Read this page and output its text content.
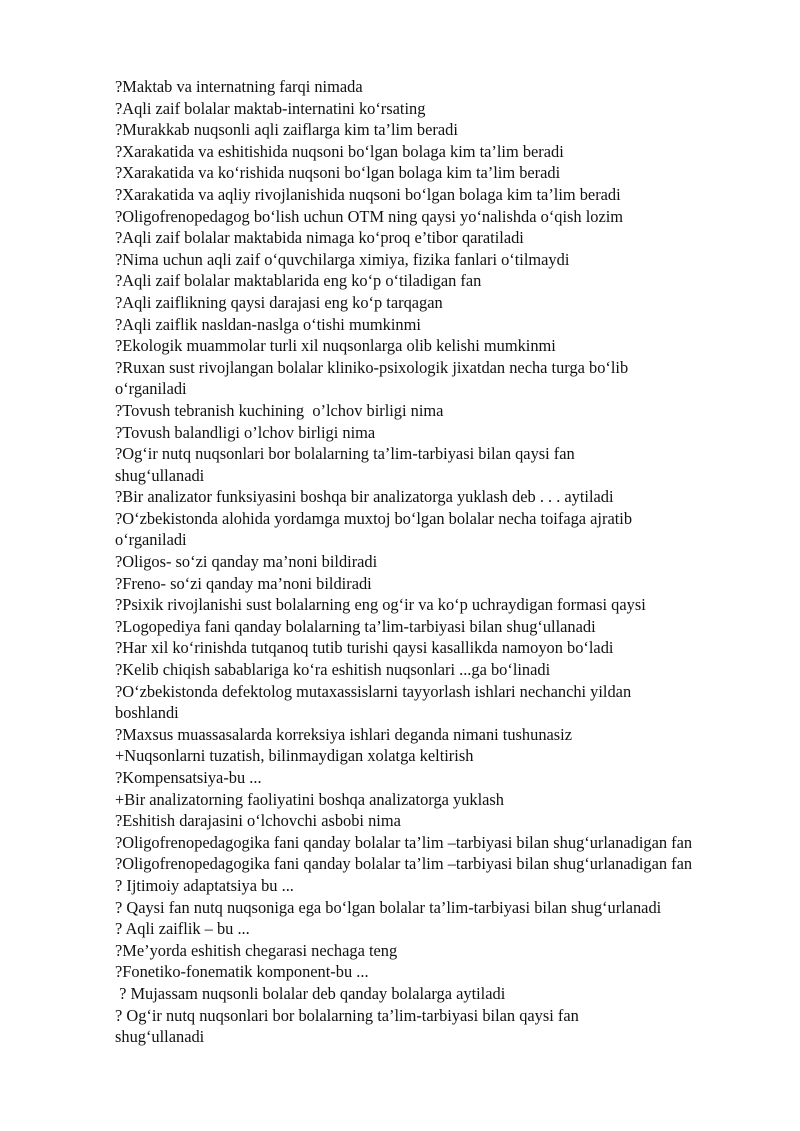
?Maktab va internatning farqi nimada
?Aqli zaif bolalar maktab-internatini ko‘rsating
?Murakkab nuqsonli aqli zaiflarga kim ta’lim beradi
?Xarakatida va eshitishida nuqsoni bo‘lgan bolaga kim ta’lim beradi
?Xarakatida va ko‘rishida nuqsoni bo‘lgan bolaga kim ta’lim beradi
?Xarakatida va aqliy rivojlanishida nuqsoni bo‘lgan bolaga kim ta’lim beradi
?Oligofrenopedagog bo‘lish uchun OTM ning qaysi yo‘nalishda o‘qish lozim
?Aqli zaif bolalar maktabida nimaga ko‘proq e’tibor qaratiladi
?Nima uchun aqli zaif o‘quvchilarga ximiya, fizika fanlari o‘tilmaydi
?Aqli zaif bolalar maktablarida eng ko‘p o‘tiladigan fan
?Aqli zaiflikning qaysi darajasi eng ko‘p tarqagan
?Aqli zaiflik nasldan-naslga o‘tishi mumkinmi
?Ekologik muammolar turli xil nuqsonlarga olib kelishi mumkinmi
?Ruxan sust rivojlangan bolalar kliniko-psixologik jixatdan necha turga bo‘lib
o‘rganiladi
?Tovush tebranish kuchining  o’lchov birligi nima
?Tovush balandligi o’lchov birligi nima
?Og‘ir nutq nuqsonlari bor bolalarning ta’lim-tarbiyasi bilan qaysi fan
shug‘ullanadi
?Bir analizator funksiyasini boshqa bir analizatorga yuklash deb . . . aytiladi
?O‘zbekistonda alohida yordamga muxtoj bo‘lgan bolalar necha toifaga ajratib
o‘rganiladi
?Oligos- so‘zi qanday ma’noni bildiradi
?Freno- so‘zi qanday ma’noni bildiradi
?Psixik rivojlanishi sust bolalarning eng og‘ir va ko‘p uchraydigan formasi qaysi
?Logopediya fani qanday bolalarning ta’lim-tarbiyasi bilan shug‘ullanadi
?Har xil ko‘rinishda tutqanoq tutib turishi qaysi kasallikda namoyon bo‘ladi
?Kelib chiqish sabablariga ko‘ra eshitish nuqsonlari ...ga bo‘linadi
?O‘zbekistonda defektolog mutaxassislarni tayyorlash ishlari nechanchi yildan
boshlandi
?Maxsus muassasalarda korreksiya ishlari deganda nimani tushunasiz
+Nuqsonlarni tuzatish, bilinmaydigan xolatga keltirish
?Kompensatsiya-bu ...
+Bir analizatorning faoliyatini boshqa analizatorga yuklash
?Eshitish darajasini o‘lchovchi asbobi nima
?Oligofrenopedagogika fani qanday bolalar ta’lim –tarbiyasi bilan shug‘urlanadigan fan
?Oligofrenopedagogika fani qanday bolalar ta’lim –tarbiyasi bilan shug‘urlanadigan fan
? Ijtimoiy adaptatsiya bu ...
? Qaysi fan nutq nuqsoniga ega bo‘lgan bolalar ta’lim-tarbiyasi bilan shug‘urlanadi
? Aqli zaiflik – bu ...
?Me’yorda eshitish chegarasi nechaga teng
?Fonetiko-fonematik komponent-bu ...
? Mujassam nuqsonli bolalar deb qanday bolalarga aytiladi
? Og‘ir nutq nuqsonlari bor bolalarning ta’lim-tarbiyasi bilan qaysi fan
shug‘ullanadi
